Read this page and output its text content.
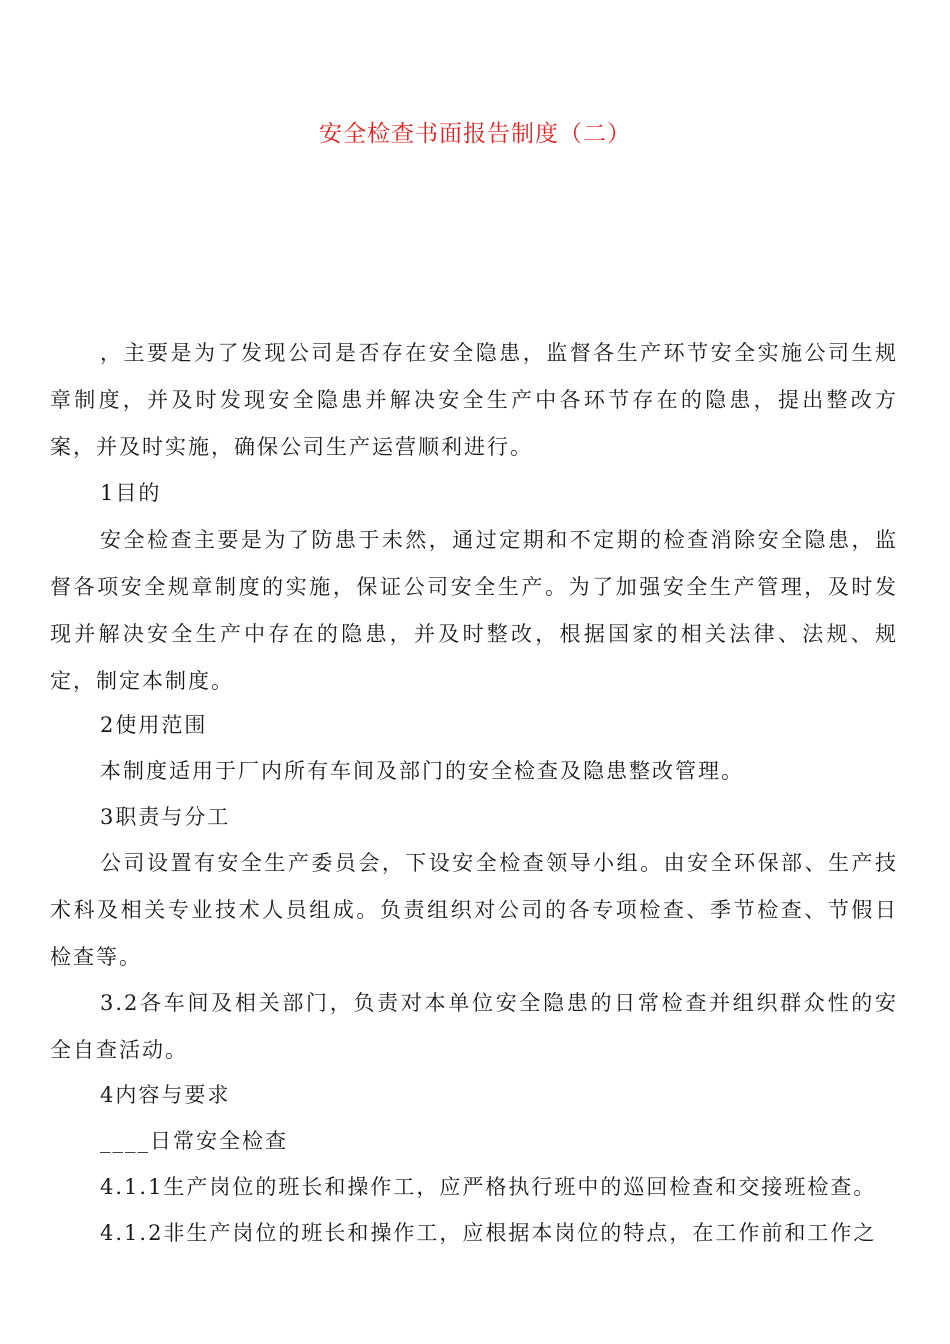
安全检查书面报告制度（二）

，主要是为了发现公司是否存在安全隐患，监督各生产环节安全实施公司生规章制度，并及时发现安全隐患并解决安全生产中各环节存在的隐患，提出整改方案，并及时实施，确保公司生产运营顺利进行。

1目的

安全检查主要是为了防患于未然，通过定期和不定期的检查消除安全隐患，监督各项安全规章制度的实施，保证公司安全生产。为了加强安全生产管理，及时发现并解决安全生产中存在的隐患，并及时整改，根据国家的相关法律、法规、规定，制定本制度。

2使用范围

本制度适用于厂内所有车间及部门的安全检查及隐患整改管理。

3职责与分工

公司设置有安全生产委员会，下设安全检查领导小组。由安全环保部、生产技术科及相关专业技术人员组成。负责组织对公司的各专项检查、季节检查、节假日检查等。

3.2各车间及相关部门，负责对本单位安全隐患的日常检查并组织群众性的安全自查活动。

4内容与要求

____日常安全检查

4.1.1生产岗位的班长和操作工，应严格执行班中的巡回检查和交接班检查。

4.1.2非生产岗位的班长和操作工，应根据本岗位的特点，在工作前和工作之
